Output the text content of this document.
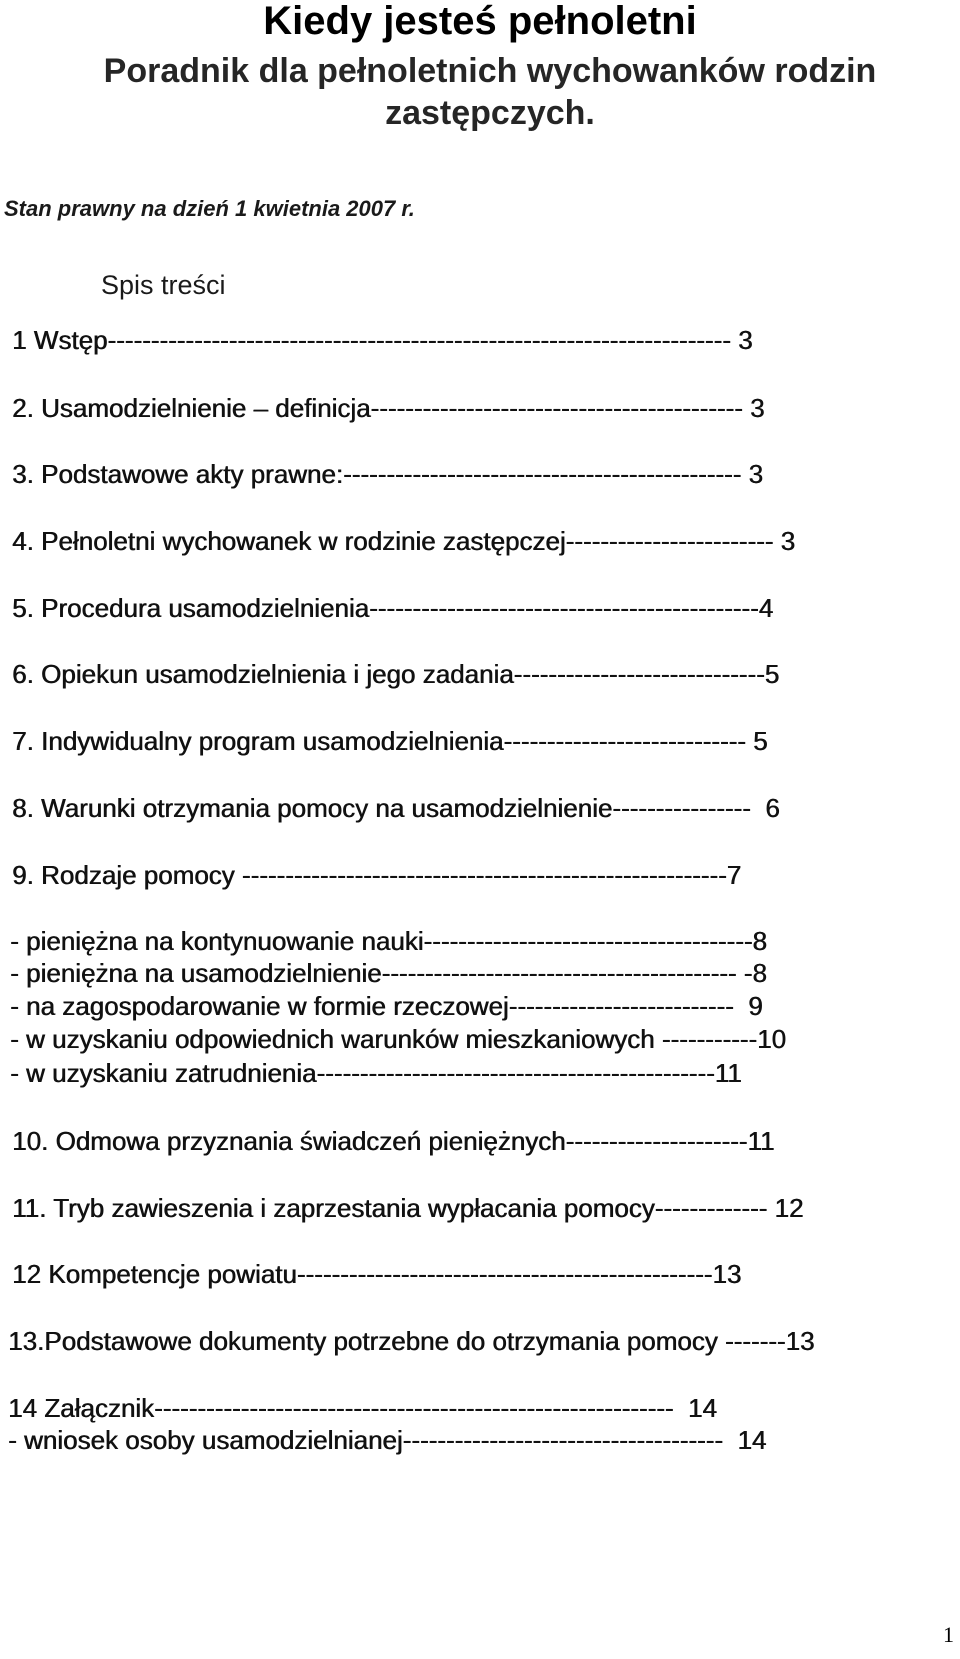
Kiedy jesteś pełnoletni
Poradnik dla pełnoletnich wychowanków rodzin zastępczych.
Stan prawny na dzień 1 kwietnia 2007 r.
Spis treści
1 Wstęp------------------------------------------------------------------------ 3
2. Usamodzielnienie – definicja------------------------------------------- 3
3. Podstawowe akty prawne:---------------------------------------------- 3
4. Pełnoletni wychowanek w rodzinie zastępczej------------------------ 3
5. Procedura usamodzielnienia---------------------------------------------4
6. Opiekun usamodzielnienia i jego zadania-----------------------------5
7. Indywidualny program usamodzielnienia---------------------------- 5
8. Warunki otrzymania pomocy na usamodzielnienie----------------  6
9. Rodzaje pomocy --------------------------------------------------------7
- pieniężna na kontynuowanie nauki--------------------------------------8
- pieniężna na usamodzielnienie----------------------------------------- -8
- na zagospodarowanie w formie rzeczowej--------------------------  9
- w uzyskaniu odpowiednich warunków mieszkaniowych -----------10
- w uzyskaniu zatrudnienia----------------------------------------------11
10. Odmowa przyznania świadczeń pieniężnych---------------------11
11. Tryb zawieszenia i zaprzestania wypłacania pomocy------------- 12
12 Kompetencje powiatu------------------------------------------------13
13.Podstawowe dokumenty potrzebne do otrzymania pomocy -------13
14 Załącznik------------------------------------------------------------  14
- wniosek osoby usamodzielnianej-------------------------------------  14
1
